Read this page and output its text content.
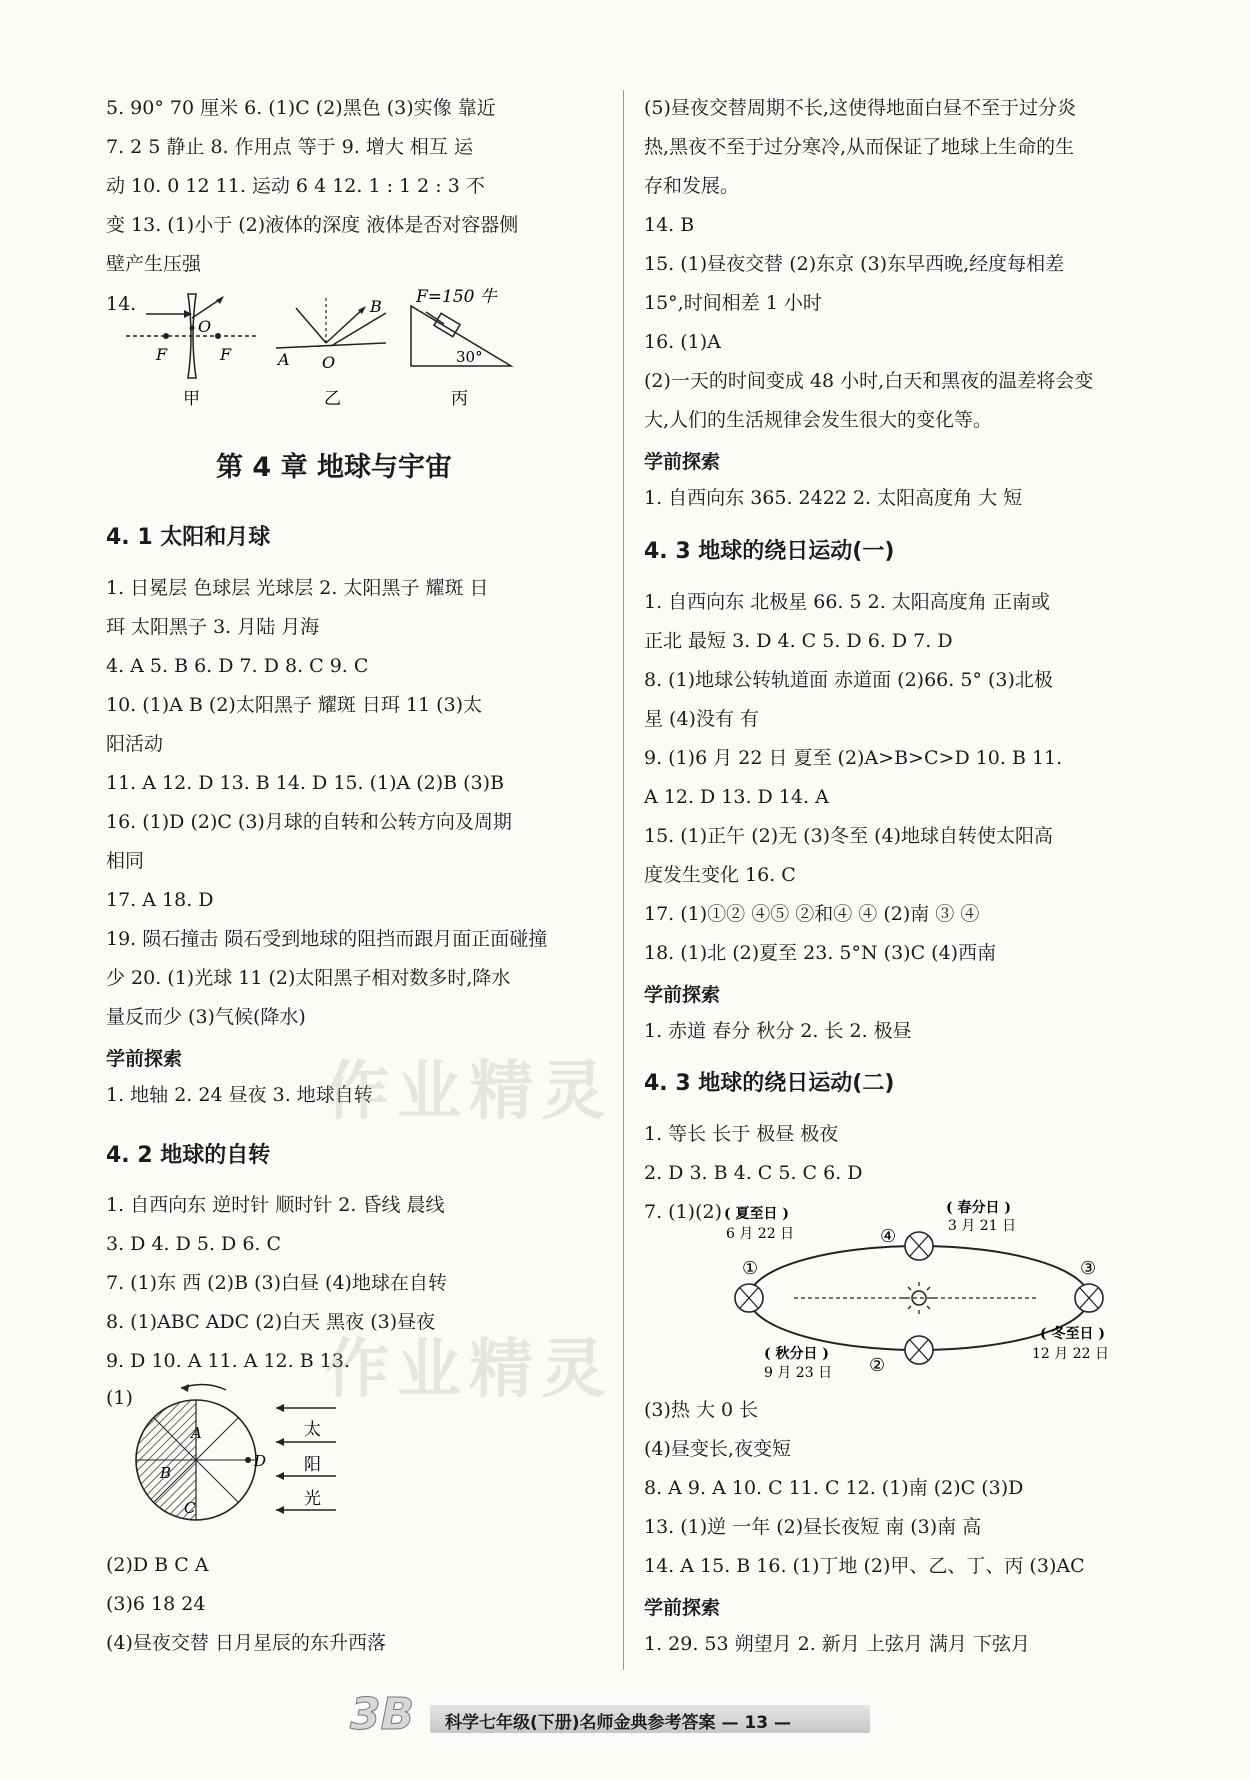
5. 90° 70 厘米 6. (1)C (2)黑色 (3)实像 靠近
7. 2 5 静止 8. 作用点 等于 9. 增大 相互 运
动 10. 0 12 11. 运动 6 4 12. 1 : 1 2 : 3 不
变 13. (1)小于 (2)液体的深度 液体是否对容器侧
壁产生压强
14.
F	F
O
甲
A
B
O
乙
F=150 牛
30°
丙
第 4 章 地球与宇宙
4. 1 太阳和月球
1. 日冕层 色球层 光球层 2. 太阳黑子 耀斑 日
珥 太阳黑子 3. 月陆 月海
4. A 5. B 6. D 7. D 8. C 9. C
10. (1)A B (2)太阳黑子 耀斑 日珥 11 (3)太
阳活动
11. A 12. D 13. B 14. D 15. (1)A (2)B (3)B
16. (1)D (2)C (3)月球的自转和公转方向及周期
相同
17. A 18. D
19. 陨石撞击 陨石受到地球的阻挡而跟月面正面碰撞
少 20. (1)光球 11 (2)太阳黑子相对数多时,降水
量反而少 (3)气候(降水)
学前探索
1. 地轴 2. 24 昼夜 3. 地球自转
4. 2 地球的自转
1. 自西向东 逆时针 顺时针 2. 昏线 晨线
3. D 4. D 5. D 6. C
7. (1)东 西 (2)B (3)白昼 (4)地球在自转
8. (1)ABC ADC (2)白天 黑夜 (3)昼夜
9. D 10. A 11. A 12. B 13.
(1)
太
阳
光
A
B
C
D
(2)D B C A
(3)6 18 24
(4)昼夜交替 日月星辰的东升西落
(5)昼夜交替周期不长,这使得地面白昼不至于过分炎
热,黑夜不至于过分寒冷,从而保证了地球上生命的生
存和发展。
14. B
15. (1)昼夜交替 (2)东京 (3)东早西晚,经度每相差
15°,时间相差 1 小时
16. (1)A
(2)一天的时间变成 48 小时,白天和黑夜的温差将会变
大,人们的生活规律会发生很大的变化等。
学前探索
1. 自西向东 365. 2422 2. 太阳高度角 大 短
4. 3 地球的绕日运动(一)
1. 自西向东 北极星 66. 5 2. 太阳高度角 正南或
正北 最短 3. D 4. C 5. D 6. D 7. D
8. (1)地球公转轨道面 赤道面 (2)66. 5° (3)北极
星 (4)没有 有
9. (1)6 月 22 日 夏至 (2)A>B>C>D 10. B 11.
A 12. D 13. D 14. A
15. (1)正午 (2)无 (3)冬至 (4)地球自转使太阳高
度发生变化 16. C
17. (1)①② ④⑤ ②和④ ④ (2)南 ③ ④
18. (1)北 (2)夏至 23. 5°N (3)C (4)西南
学前探索
1. 赤道 春分 秋分 2. 长 2. 极昼
4. 3 地球的绕日运动(二)
1. 等长 长于 极昼 极夜
2. D 3. B 4. C 5. C 6. D
7. (1)(2)
①
②
③
④
( 夏至日 )
6 月 22 日
( 春分日 )
3 月 21 日
( 秋分日 )
9 月 23 日
( 冬至日 )
12 月 22 日
(3)热 大 0 长
(4)昼变长,夜变短
8. A 9. A 10. C 11. C 12. (1)南 (2)C (3)D
13. (1)逆 一年 (2)昼长夜短 南 (3)南 高
14. A 15. B 16. (1)丁地 (2)甲、乙、丁、丙 (3)AC
学前探索
1. 29. 53 朔望月 2. 新月 上弦月 满月 下弦月
作业精灵
作业精灵
3B 科学七年级(下册)名师金典参考答案 — 13 —
